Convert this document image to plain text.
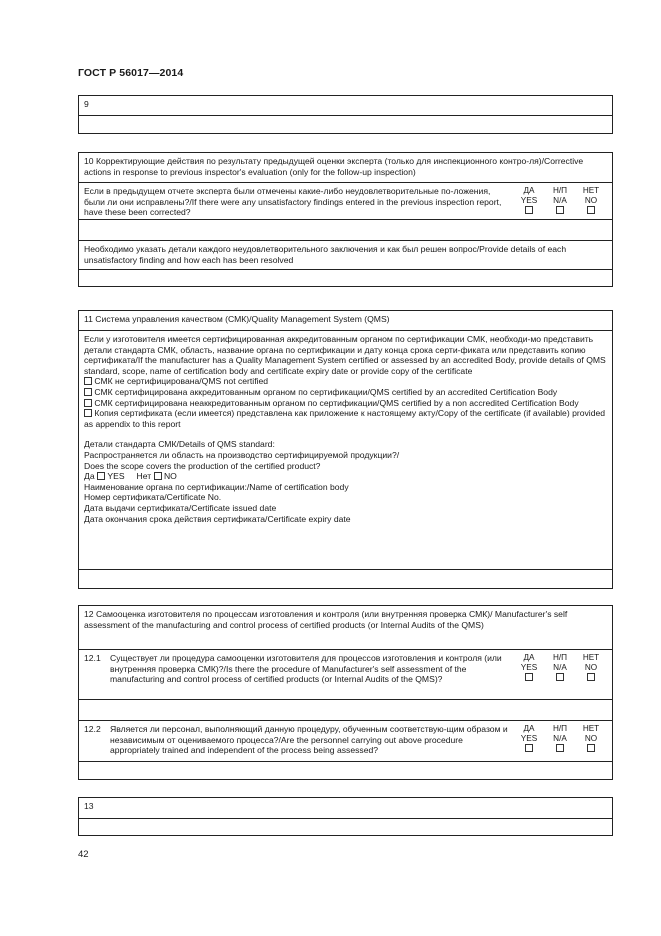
ГОСТ Р 56017—2014
9
10 Корректирующие действия по результату предыдущей оценки эксперта (только для инспекционного контро-ля)/Corrective actions in response to previous inspector's evaluation (only for the follow-up inspection)
Если в предыдущем отчете эксперта были отмечены какие-либо неудовлетворительные по-ложения, были ли они исправлены?/If there were any unsatisfactory findings entered in the previous inspection report, have these been corrected?
ДА
YES
Н/П
N/A
НЕТ
NO
Необходимо указать детали каждого неудовлетворительного заключения и как был решен вопрос/Provide details of each unsatisfactory finding and how each has been resolved
11 Система управления качеством (СМК)/Quality Management System (QMS)
Если у изготовителя имеется сертифицированная аккредитованным органом по сертификации СМК, необходи-мо представить детали стандарта СМК, область, название органа по сертификации и дату конца срока серти-фиката или представить копию сертификата/If the manufacturer has a Quality Management System certified or assessed by an accredited Body, provide details of QMS standard, scope, name of certification body and certificate expiry date or provide copy of the certificate
СМК не сертифицирована/QMS not certified
СМК сертифицирована аккредитованным органом по сертификации/QMS certified by an accredited Certification Body
СМК сертифицирована неаккредитованным органом по сертификации/QMS certified by a non accredited Certification Body
Копия сертификата (если имеется) представлена как приложение к настоящему акту/Copy of the certificate (if available) provided as appendix to this report
Детали стандарта СМК/Details of QMS standard:
Распространяется ли область на производство сертифицируемой продукции?/
Does the scope covers the production of the certified product?
Да YES Нет NO
Наименование органа по сертификации:/Name of certification body
Номер сертификата/Certificate No.
Дата выдачи сертификата/Certificate issued date
Дата окончания срока действия сертификата/Certificate expiry date
12 Самооценка изготовителя по процессам изготовления и контроля (или внутренняя проверка СМК)/ Manufacturer's self assessment of the manufacturing and control process of certified products (or Internal Audits of the QMS)
12.1	Существует ли процедура самооценки изготовителя для процессов изготовления и контроля (или внутренняя проверка СМК)?/Is there the procedure of Manufacturer's self assessment of the manufacturing and control process of certified products (or Internal Audits of the QMS)?
ДА
YES
Н/П
N/A
НЕТ
NO
12.2	Является ли персонал, выполняющий данную процедуру, обученным соответствую-щим образом и независимым от оцениваемого процесса?/Are the personnel carrying out above procedure appropriately trained and independent of the process being assessed?
ДА
YES
Н/П
N/A
НЕТ
NO
13
42
